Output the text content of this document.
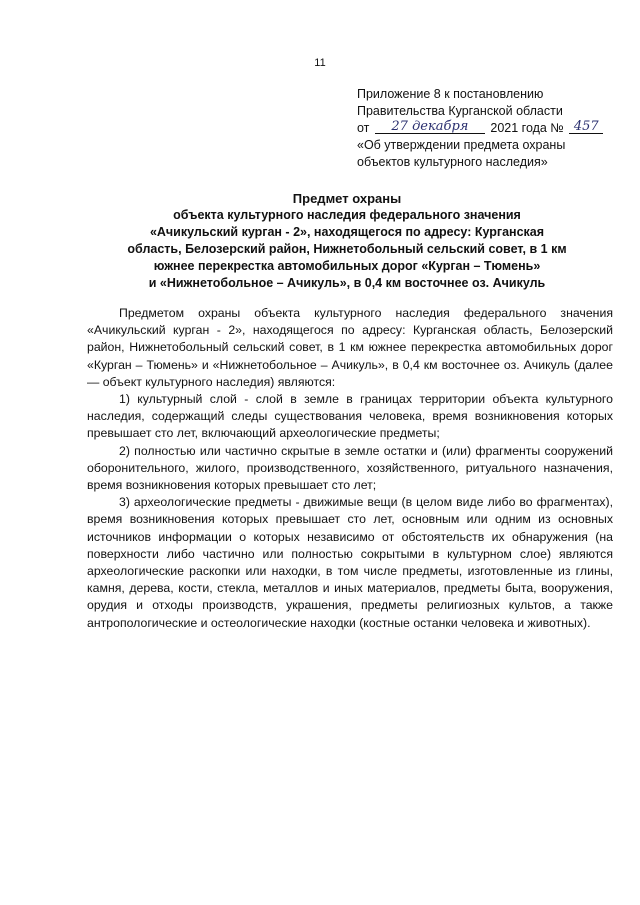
11
Приложение 8 к постановлению
Правительства Курганской области
от 27 декабря 2021 года № 457
«Об утверждении предмета охраны
объектов культурного наследия»
Предмет охраны
объекта культурного наследия федерального значения
«Ачикульский курган - 2», находящегося по адресу: Курганская
область, Белозерский район, Нижнетобольный сельский совет, в 1 км
южнее перекрестка автомобильных дорог «Курган – Тюмень»
и «Нижнетобольное – Ачикуль», в 0,4 км восточнее оз. Ачикуль

Предметом охраны объекта культурного наследия федерального значения «Ачикульский курган - 2», находящегося по адресу: Курганская область, Белозерский район, Нижнетобольный сельский совет, в 1 км южнее перекрестка автомобильных дорог «Курган – Тюмень» и «Нижнетобольное – Ачикуль», в 0,4 км восточнее оз. Ачикуль (далее — объект культурного наследия) являются:

1) культурный слой - слой в земле в границах территории объекта культурного наследия, содержащий следы существования человека, время возникновения которых превышает сто лет, включающий археологические предметы;

2) полностью или частично скрытые в земле остатки и (или) фрагменты сооружений оборонительного, жилого, производственного, хозяйственного, ритуального назначения, время возникновения которых превышает сто лет;

3) археологические предметы - движимые вещи (в целом виде либо во фрагментах), время возникновения которых превышает сто лет, основным или одним из основных источников информации о которых независимо от обстоятельств их обнаружения (на поверхности либо частично или полностью сокрытыми в культурном слое) являются археологические раскопки или находки, в том числе предметы, изготовленные из глины, камня, дерева, кости, стекла, металлов и иных материалов, предметы быта, вооружения, орудия и отходы производств, украшения, предметы религиозных культов, а также антропологические и остеологические находки (костные останки человека и животных).
